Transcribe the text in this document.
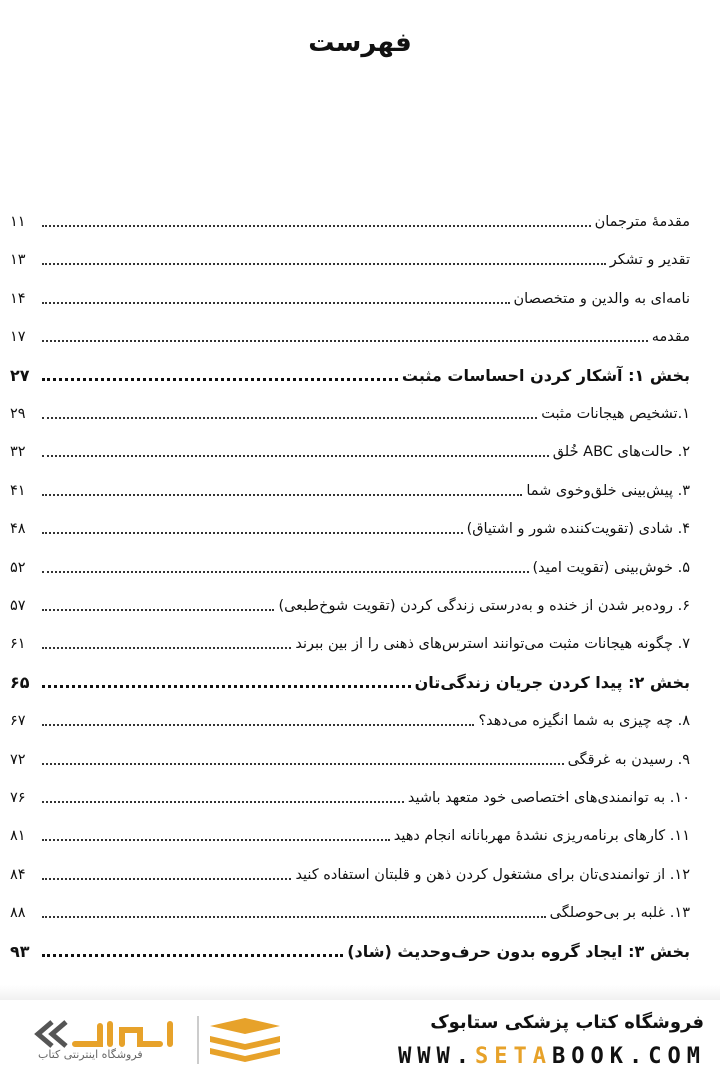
فهرست
مقدمهٔ مترجمان
۱۱
تقدیر و تشکر
۱۳
نامه‌ای به والدین و متخصصان
۱۴
مقدمه
۱۷
بخش ۱: آشکار کردن احساسات مثبت
۲۷
۱.تشخیص هیجانات مثبت
۲۹
۲. حالت‌های ABC خُلق
۳۲
۳. پیش‌بینی خلق‌وخوی شما
۴۱
۴. شادی (تقویت‌کننده شور و اشتیاق)
۴۸
۵. خوش‌بینی (تقویت امید)
۵۲
۶. روده‌بر شدن از خنده و به‌درستی زندگی کردن (تقویت شوخ‌طبعی)
۵۷
۷. چگونه هیجانات مثبت می‌توانند استرس‌های ذهنی را از بین ببرند
۶۱
بخش ۲: پیدا کردن جریان زندگی‌تان
۶۵
۸. چه چیزی به شما انگیزه می‌دهد؟
۶۷
۹. رسیدن به غرقگی
۷۲
۱۰. به توانمندی‌های اختصاصی خود متعهد باشید
۷۶
۱۱. کارهای برنامه‌ریزی نشدهٔ مهربانانه انجام دهید
۸۱
۱۲. از توانمندی‌تان برای مشتغول کردن ذهن و قلبتان استفاده کنید
۸۴
۱۳. غلبه بر بی‌حوصلگی
۸۸
بخش ۳: ایجاد گروه بدون حرف‌وحدیث (شاد)
۹۳
فروشگاه کتاب پزشکی ستابوک
WWW.SETABOOK.COM
فروشگاه اینترنتی کتاب
